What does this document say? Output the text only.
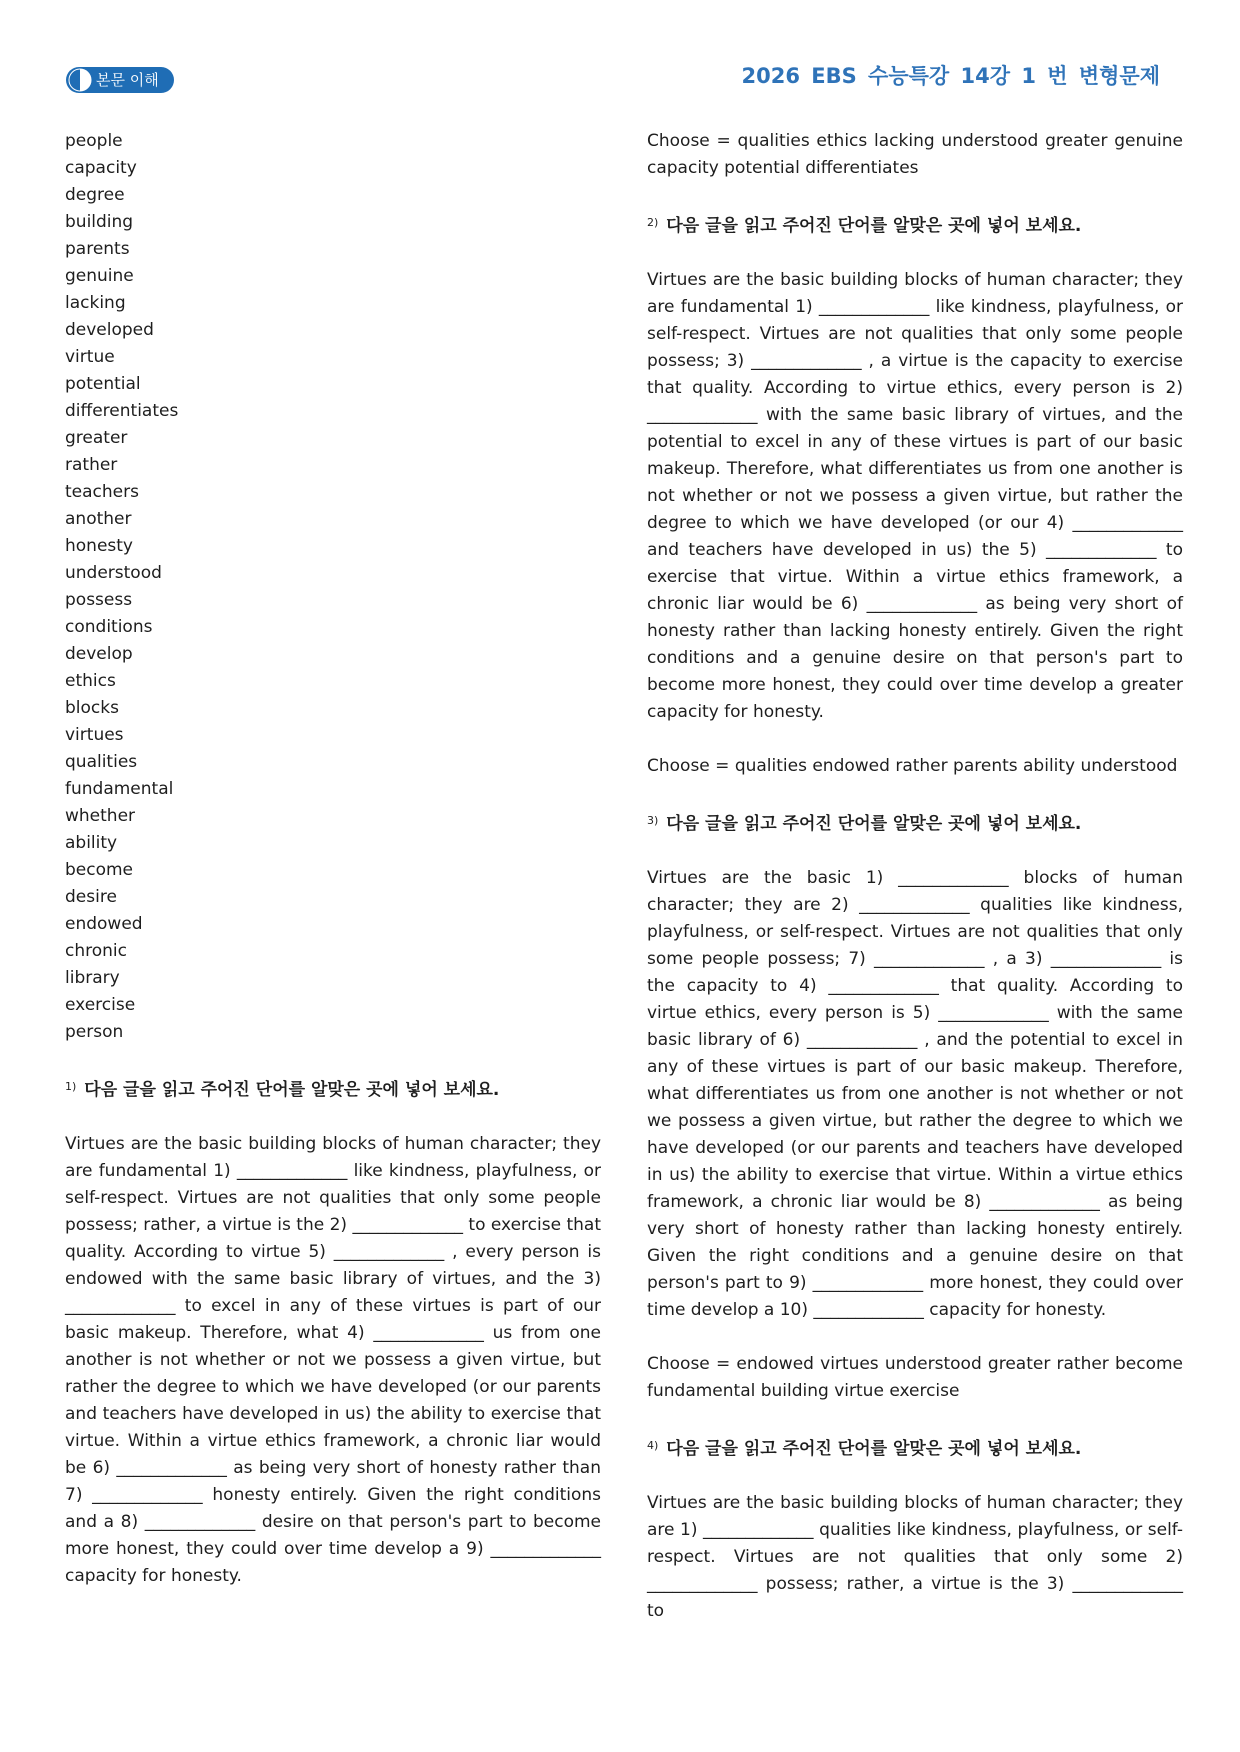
본문 이해	2026 EBS 수능특강 14강 1 번 변형문제
people
capacity
degree
building
parents
genuine
lacking
developed
virtue
potential
differentiates
greater
rather
teachers
another
honesty
understood
possess
conditions
develop
ethics
blocks
virtues
qualities
fundamental
whether
ability
become
desire
endowed
chronic
library
exercise
person
$^{1)}$ 다음 글을 읽고 주어진 단어를 알맞은 곳에 넣어 보세요.

Virtues are the basic building blocks of human character; they are fundamental 1) _____________ like kindness, playfulness, or self-respect. Virtues are not qualities that only some people possess; rather, a virtue is the 2) _____________ to exercise that quality. According to virtue 5) _____________ , every person is endowed with the same basic library of virtues, and the 3) _____________ to excel in any of these virtues is part of our basic makeup. Therefore, what 4) _____________ us from one another is not whether or not we possess a given virtue, but rather the degree to which we have developed (or our parents and teachers have developed in us) the ability to exercise that virtue. Within a virtue ethics framework, a chronic liar would be 6) _____________ as being very short of honesty rather than 7) _____________ honesty entirely. Given the right conditions and a 8) _____________ desire on that person's part to become more honest, they could over time develop a 9) _____________ capacity for honesty.

Choose = qualities ethics lacking understood greater genuine capacity potential differentiates

$^{2)}$ 다음 글을 읽고 주어진 단어를 알맞은 곳에 넣어 보세요.

Virtues are the basic building blocks of human character; they are fundamental 1) _____________ like kindness, playfulness, or self-respect. Virtues are not qualities that only some people possess; 3) _____________ , a virtue is the capacity to exercise that quality. According to virtue ethics, every person is 2) _____________ with the same basic library of virtues, and the potential to excel in any of these virtues is part of our basic makeup. Therefore, what differentiates us from one another is not whether or not we possess a given virtue, but rather the degree to which we have developed (or our 4) _____________ and teachers have developed in us) the 5) _____________ to exercise that virtue. Within a virtue ethics framework, a chronic liar would be 6) _____________ as being very short of honesty rather than lacking honesty entirely. Given the right conditions and a genuine desire on that person's part to become more honest, they could over time develop a greater capacity for honesty.

Choose = qualities endowed rather parents ability understood

$^{3)}$ 다음 글을 읽고 주어진 단어를 알맞은 곳에 넣어 보세요.

Virtues are the basic 1) _____________ blocks of human character; they are 2) _____________ qualities like kindness, playfulness, or self-respect. Virtues are not qualities that only some people possess; 7) _____________ , a 3) _____________ is the capacity to 4) _____________ that quality. According to virtue ethics, every person is 5) _____________ with the same basic library of 6) _____________ , and the potential to excel in any of these virtues is part of our basic makeup. Therefore, what differentiates us from one another is not whether or not we possess a given virtue, but rather the degree to which we have developed (or our parents and teachers have developed in us) the ability to exercise that virtue. Within a virtue ethics framework, a chronic liar would be 8) _____________ as being very short of honesty rather than lacking honesty entirely. Given the right conditions and a genuine desire on that person's part to 9) _____________ more honest, they could over time develop a 10) _____________ capacity for honesty.

Choose = endowed virtues understood greater rather become fundamental building virtue exercise

$^{4)}$ 다음 글을 읽고 주어진 단어를 알맞은 곳에 넣어 보세요.

Virtues are the basic building blocks of human character; they are 1) _____________ qualities like kindness, playfulness, or self-respect. Virtues are not qualities that only some 2) _____________ possess; rather, a virtue is the 3) _____________ to
